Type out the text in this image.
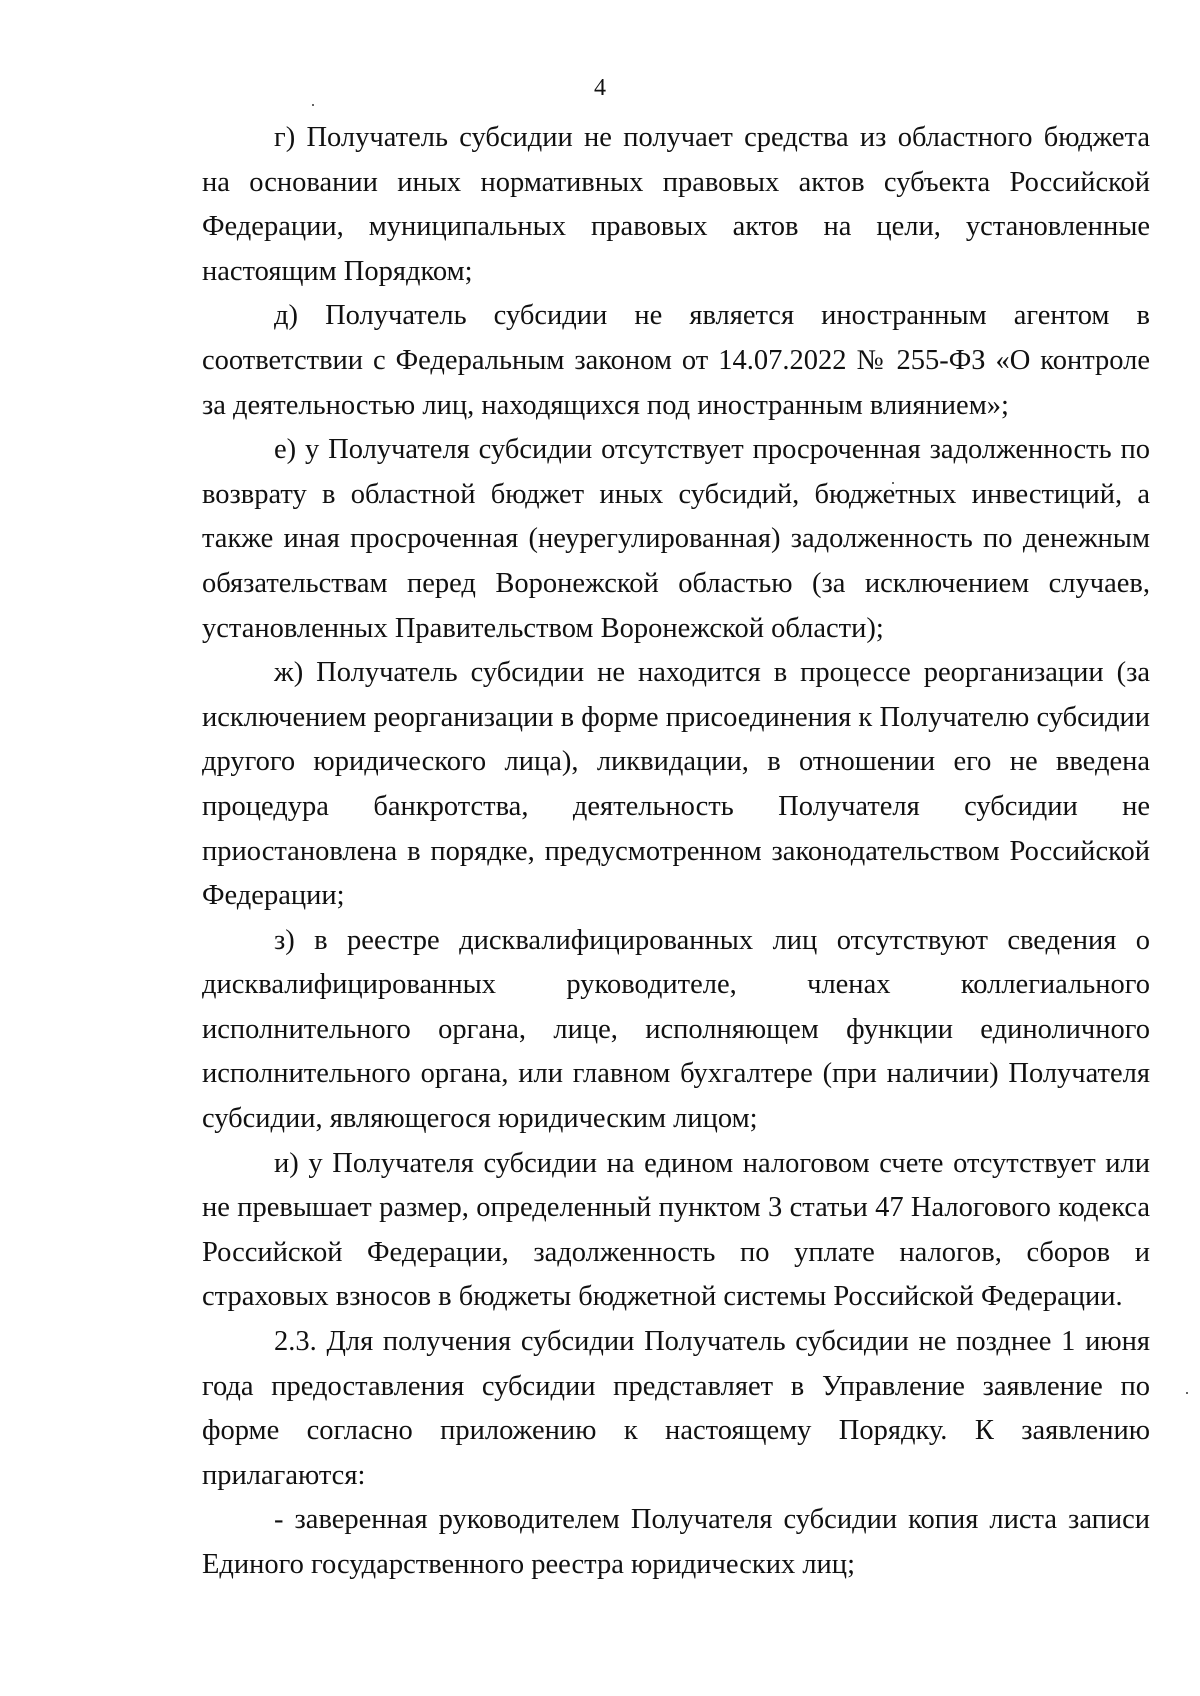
4

г) Получатель субсидии не получает средства из областного бюджета на основании иных нормативных правовых актов субъекта Российской Федерации, муниципальных правовых актов на цели, установленные настоящим Порядком;

д) Получатель субсидии не является иностранным агентом в соответствии с Федеральным законом от 14.07.2022 № 255-ФЗ «О контроле за деятельностью лиц, находящихся под иностранным влиянием»;

е) у Получателя субсидии отсутствует просроченная задолженность по возврату в областной бюджет иных субсидий, бюджетных инвестиций, а также иная просроченная (неурегулированная) задолженность по денежным обязательствам перед Воронежской областью (за исключением случаев, установленных Правительством Воронежской области);

ж) Получатель субсидии не находится в процессе реорганизации (за исключением реорганизации в форме присоединения к Получателю субсидии другого юридического лица), ликвидации, в отношении его не введена процедура банкротства, деятельность Получателя субсидии не приостановлена в порядке, предусмотренном законодательством Российской Федерации;

з) в реестре дисквалифицированных лиц отсутствуют сведения о дисквалифицированных руководителе, членах коллегиального исполнительного органа, лице, исполняющем функции единоличного исполнительного органа, или главном бухгалтере (при наличии) Получателя субсидии, являющегося юридическим лицом;

и) у Получателя субсидии на едином налоговом счете отсутствует или не превышает размер, определенный пунктом 3 статьи 47 Налогового кодекса Российской Федерации, задолженность по уплате налогов, сборов и страховых взносов в бюджеты бюджетной системы Российской Федерации.

2.3. Для получения субсидии Получатель субсидии не позднее 1 июня года предоставления субсидии представляет в Управление заявление по форме согласно приложению к настоящему Порядку. К заявлению прилагаются:

- заверенная руководителем Получателя субсидии копия листа записи Единого государственного реестра юридических лиц;
